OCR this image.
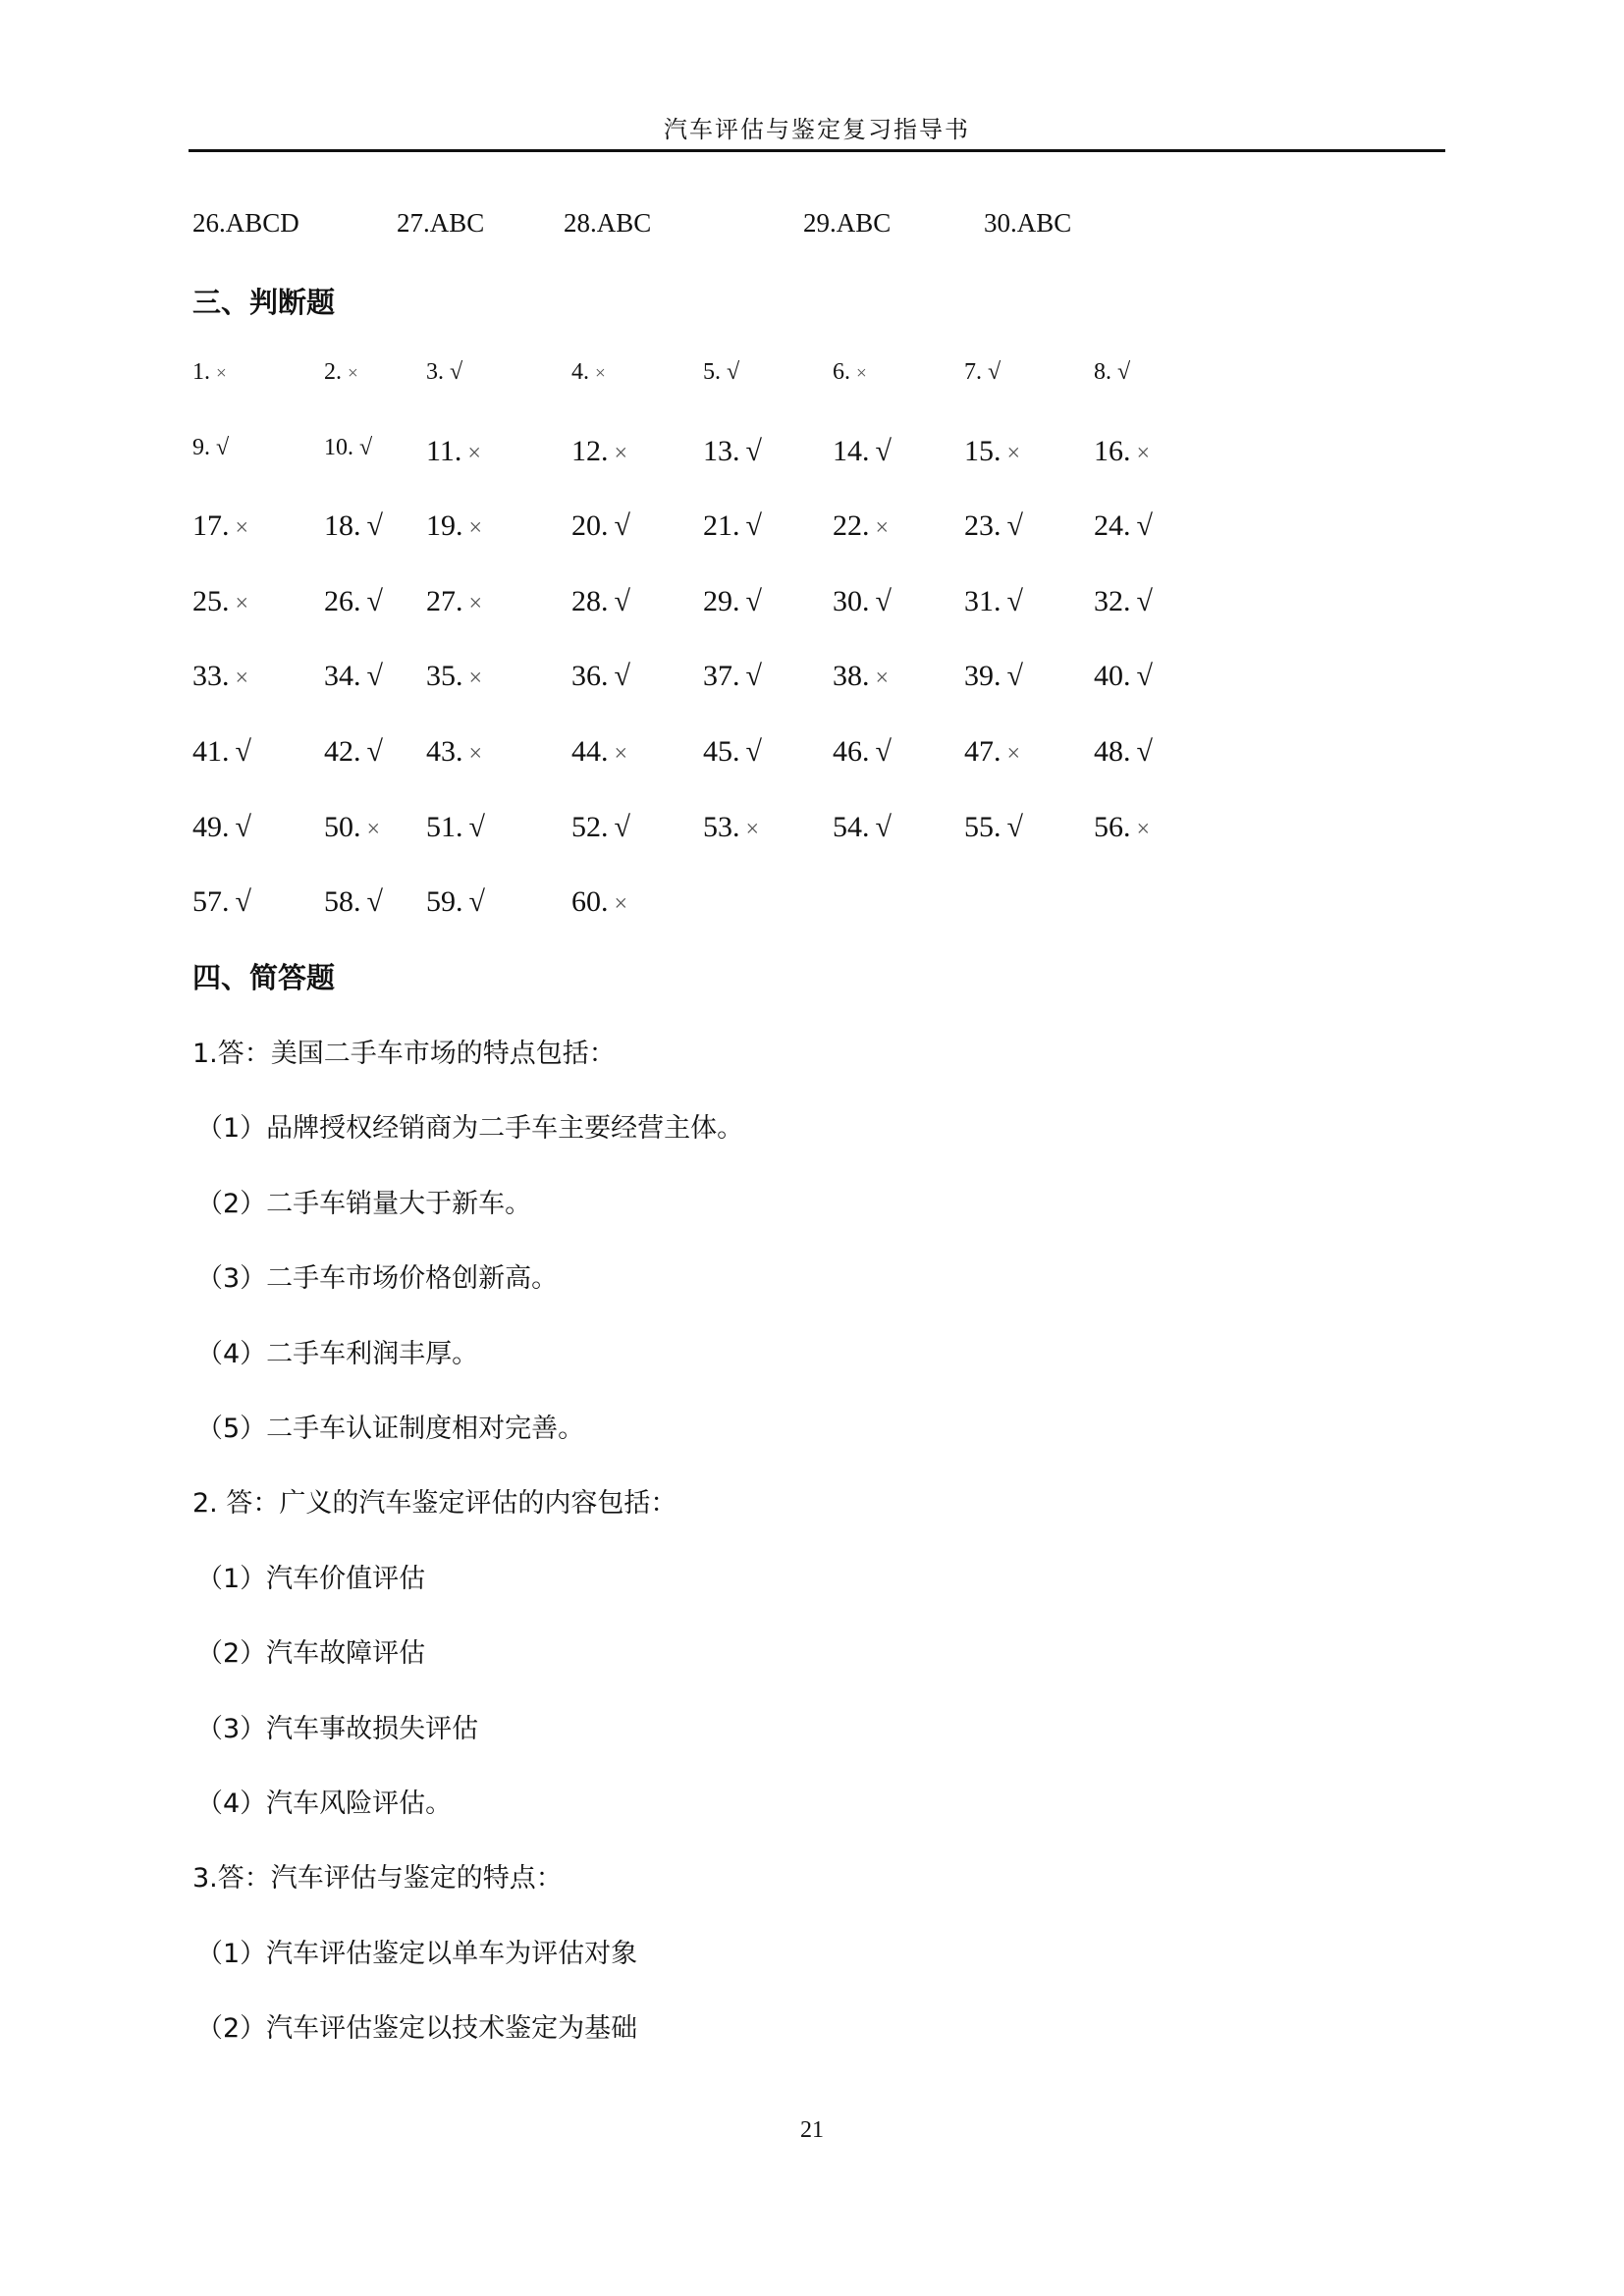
汽车评估与鉴定复习指导书
26.ABCD	27.ABC	28.ABC	29.ABC	30.ABC
三、判断题
1. ×	2. ×	3. √	4. ×	5. √	6. ×	7. √	8. √
9. √	10. √ 11. ×	12. ×	13. √ 14. √ 15. × 16. ×
17. ×	18. √ 19. ×	20. √ 21. √ 22. ×	23. √ 24. √
25. ×	26. √ 27. ×	28. √ 29. √ 30. √ 31. √ 32. √
33. ×	34. √ 35. ×	36. √ 37. √ 38. ×	39. √ 40. √
41. √ 42. √ 43. ×	44. ×	45. √ 46. √ 47. × 48. √
49. √ 50. × 51. √	52. √ 53. × 54. √ 55. √ 56. ×
57. √ 58. √ 59. √	60. ×
四、简答题
1.答：美国二手车市场的特点包括：
（1）品牌授权经销商为二手车主要经营主体。
（2）二手车销量大于新车。
（3）二手车市场价格创新高。
（4）二手车利润丰厚。
（5）二手车认证制度相对完善。
2. 答：广义的汽车鉴定评估的内容包括：
（1）汽车价值评估
（2）汽车故障评估
（3）汽车事故损失评估
（4）汽车风险评估。
3.答：汽车评估与鉴定的特点：
（1）汽车评估鉴定以单车为评估对象
（2）汽车评估鉴定以技术鉴定为基础
21
